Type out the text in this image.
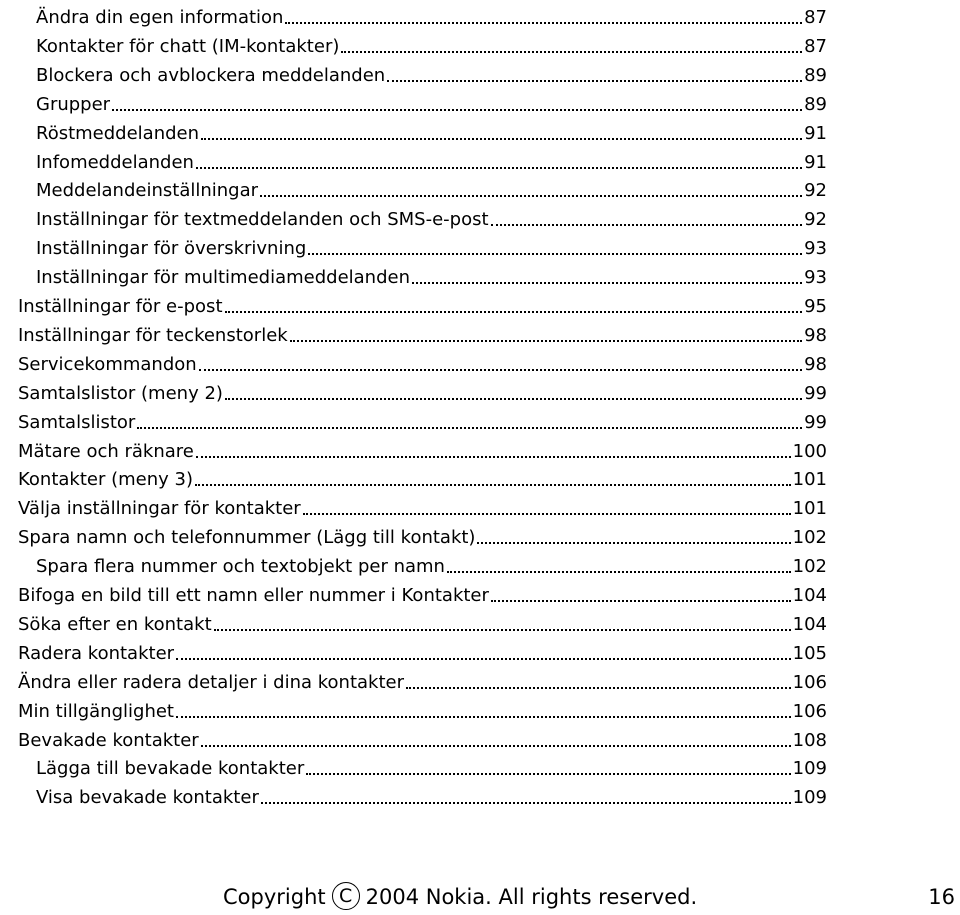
Ändra din egen information	87
Kontakter för chatt (IM-kontakter)	87
Blockera och avblockera meddelanden	89
Grupper	89
Röstmeddelanden	91
Infomeddelanden	91
Meddelandeinställningar	92
Inställningar för textmeddelanden och SMS-e-post	92
Inställningar för överskrivning	93
Inställningar för multimediameddelanden	93
Inställningar för e-post	95
Inställningar för teckenstorlek	98
Servicekommandon	98
Samtalslistor (meny 2)	99
Samtalslistor	99
Mätare och räknare	100
Kontakter (meny 3)	101
Välja inställningar för kontakter	101
Spara namn och telefonnummer (Lägg till kontakt)	102
Spara flera nummer och textobjekt per namn	102
Bifoga en bild till ett namn eller nummer i Kontakter	104
Söka efter en kontakt	104
Radera kontakter	105
Ändra eller radera detaljer i dina kontakter	106
Min tillgänglighet	106
Bevakade kontakter	108
Lägga till bevakade kontakter	109
Visa bevakade kontakter	109
Copyright C 2004 Nokia. All rights reserved.	16
